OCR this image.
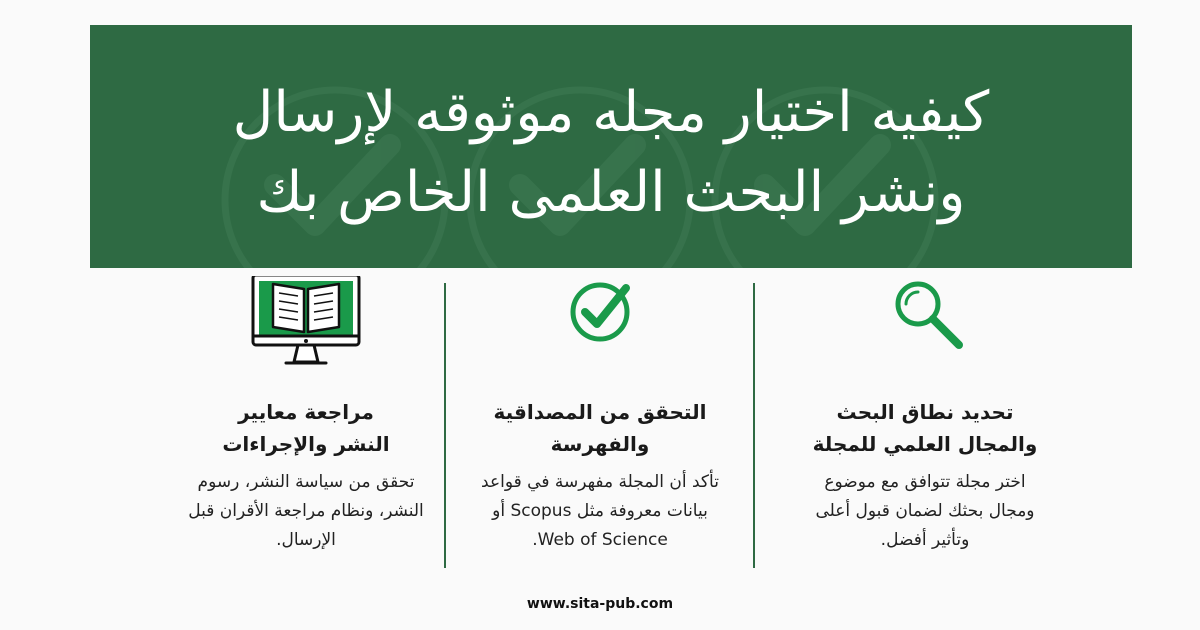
كيفيه اختيار مجله موثوقه لإرسال
ونشر البحث العلمى الخاص بك
تحديد نطاق البحث
والمجال العلمي للمجلة

اختر مجلة تتوافق مع موضوع
ومجال بحثك لضمان قبول أعلى
وتأثير أفضل.

التحقق من المصداقية
والفهرسة

تأكد أن المجلة مفهرسة في قواعد
بيانات معروفة مثل Scopus أو
Web of Science.

مراجعة معايير
النشر والإجراءات

تحقق من سياسة النشر، رسوم
النشر، ونظام مراجعة الأقران قبل
الإرسال.

www.sita-pub.com
